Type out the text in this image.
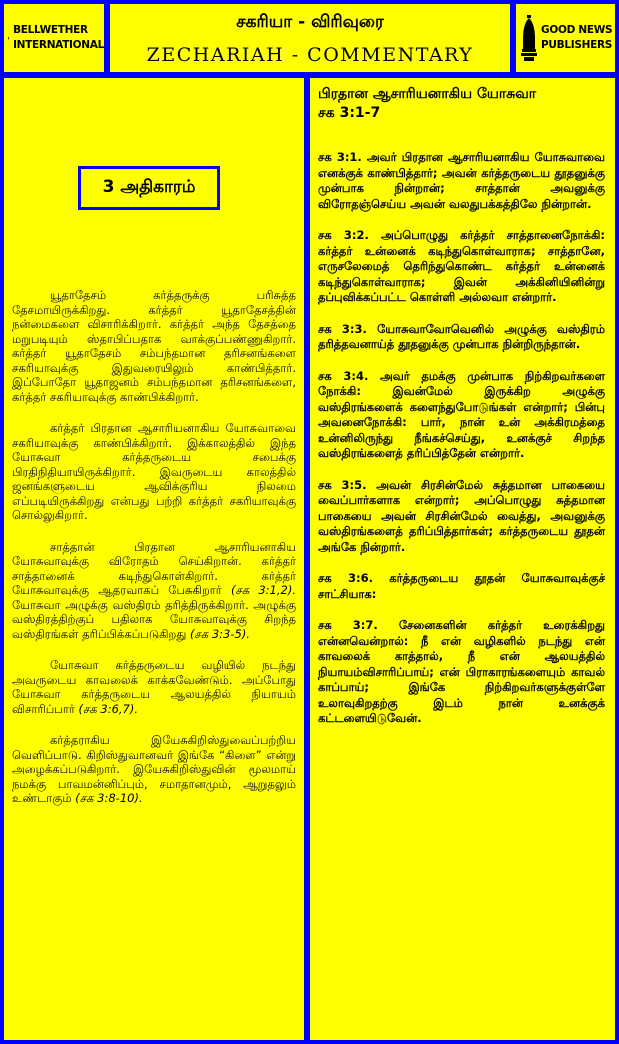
BELLWETHER
INTERNATIONAL
சகரியா - விரிவுரை
ZECHARIAH - COMMENTARY
GOOD NEWS
PUBLISHERS
3 அதிகாரம்

யூதாதேசம் கர்த்தருக்கு பரிசுத்த தேசமாயிருக்கிறது. கர்த்தர் யூதாதேசத்தின் நன்மைகளை விசாரிக்கிறார். கர்த்தர் அந்த தேசத்தை மறுபடியும் ஸ்தாபிப்பதாக வாக்குப்பண்ணுகிறார். கர்த்தர் யூதாதேசம் சம்பந்தமான தரிசனங்களை சகரியாவுக்கு இதுவரையிலும் காண்பித்தார். இப்போதோ யூதாஜனம் சம்பந்தமான தரிசனங்களை, கர்த்தர் சகரியாவுக்கு காண்பிக்கிறார்.

கர்த்தர் பிரதான ஆசாரியனாகிய யோசுவாவை சகரியாவுக்கு காண்பிக்கிறார். இக்காலத்தில் இந்த யோசுவா கர்த்தருடைய சபைக்கு பிரதிநிதியாயிருக்கிறார். இவருடைய காலத்தில் ஜனங்களுடைய ஆவிக்குரிய நிலமை எப்படியிருக்கிறது என்பது பற்றி கர்த்தர் சகரியாவுக்கு சொல்லுகிறார்.

சாத்தான் பிரதான ஆசாரியனாகிய யோசுவாவுக்கு விரோதம் செய்கிறான். கர்த்தர் சாத்தானைக் கடிந்துகொள்கிறார். கர்த்தர் யோசுவாவுக்கு ஆதரவாகப் பேசுகிறார் (சக 3:1,2). யோசுவா அழுக்கு வஸ்திரம் தரித்திருக்கிறார். அழுக்கு வஸ்திரத்திற்குப் பதிலாக யோசுவாவுக்கு சிறந்த வஸ்திரங்கள் தரிப்பிக்கப்படுகிறது (சக 3:3-5).

யோசுவா கர்த்தருடைய வழியில் நடந்து அவருடைய காவலைக் காக்கவேண்டும். அப்போது யோசுவா கர்த்தருடைய ஆலயத்தில் நியாயம் விசாரிப்பார் (சக 3:6,7).

கர்த்தராகிய இயேசுகிறிஸ்துவைப்பற்றிய வெளிப்பாடு. கிறிஸ்துவானவர் இங்கே “கிளை” என்று அழைக்கப்படுகிறார். இயேசுகிறிஸ்துவின் மூலமாய் நமக்கு பாவமன்னிப்பும், சமாதானமும், ஆறுதலும் உண்டாகும் (சக 3:8-10).

பிரதான ஆசாரியனாகிய யோசுவா
சக 3:1-7

சக 3:1. அவர் பிரதான ஆசாரியனாகிய யோசுவாவை எனக்குக் காண்பித்தார்; அவன் கர்த்தருடைய தூதனுக்கு முன்பாக நின்றான்; சாத்தான் அவனுக்கு விரோதஞ்செய்ய அவன் வலதுபக்கத்திலே நின்றான்.

சக 3:2. அப்பொழுது கர்த்தர் சாத்தானைநோக்கி: கர்த்தர் உன்னைக் கடிந்துகொள்வாராக; சாத்தானே, எருசலேமைத் தெரிந்துகொண்ட கர்த்தர் உன்னைக் கடிந்துகொள்வாராக; இவன் அக்கினியினின்று தப்புவிக்கப்பட்ட கொள்ளி அல்லவா என்றார்.

சக 3:3. யோசுவாவோவெனில் அழுக்கு வஸ்திரம் தரித்தவனாய்த் தூதனுக்கு முன்பாக நின்றிருந்தான்.

சக 3:4. அவர் தமக்கு முன்பாக நிற்கிறவர்களை நோக்கி: இவன்மேல் இருக்கிற அழுக்கு வஸ்திரங்களைக் களைந்துபோடுங்கள் என்றார்; பின்பு அவனைநோக்கி: பார், நான் உன் அக்கிரமத்தை உன்னிலிருந்து நீங்கச்செய்து, உனக்குச் சிறந்த வஸ்திரங்களைத் தரிப்பித்தேன் என்றார்.

சக 3:5. அவன் சிரசின்மேல் சுத்தமான பாகையை வைப்பார்களாக என்றார்; அப்பொழுது சுத்தமான பாகையை அவன் சிரசின்மேல் வைத்து, அவனுக்கு வஸ்திரங்களைத் தரிப்பித்தார்கள்; கர்த்தருடைய தூதன் அங்கே நின்றார்.

சக 3:6. கர்த்தருடைய தூதன் யோசுவாவுக்குச் சாட்சியாக:

சக 3:7. சேனைகளின் கர்த்தர் உரைக்கிறது என்னவென்றால்: நீ என் வழிகளில் நடந்து என் காவலைக் காத்தால், நீ என் ஆலயத்தில் நியாயம்விசாரிப்பாய்; என் பிராகாரங்களையும் காவல் காப்பாய்; இங்கே நிற்கிறவர்களுக்குள்ளே உலாவுகிறதற்கு இடம் நான் உனக்குக் கட்டளையிடுவேன்.
